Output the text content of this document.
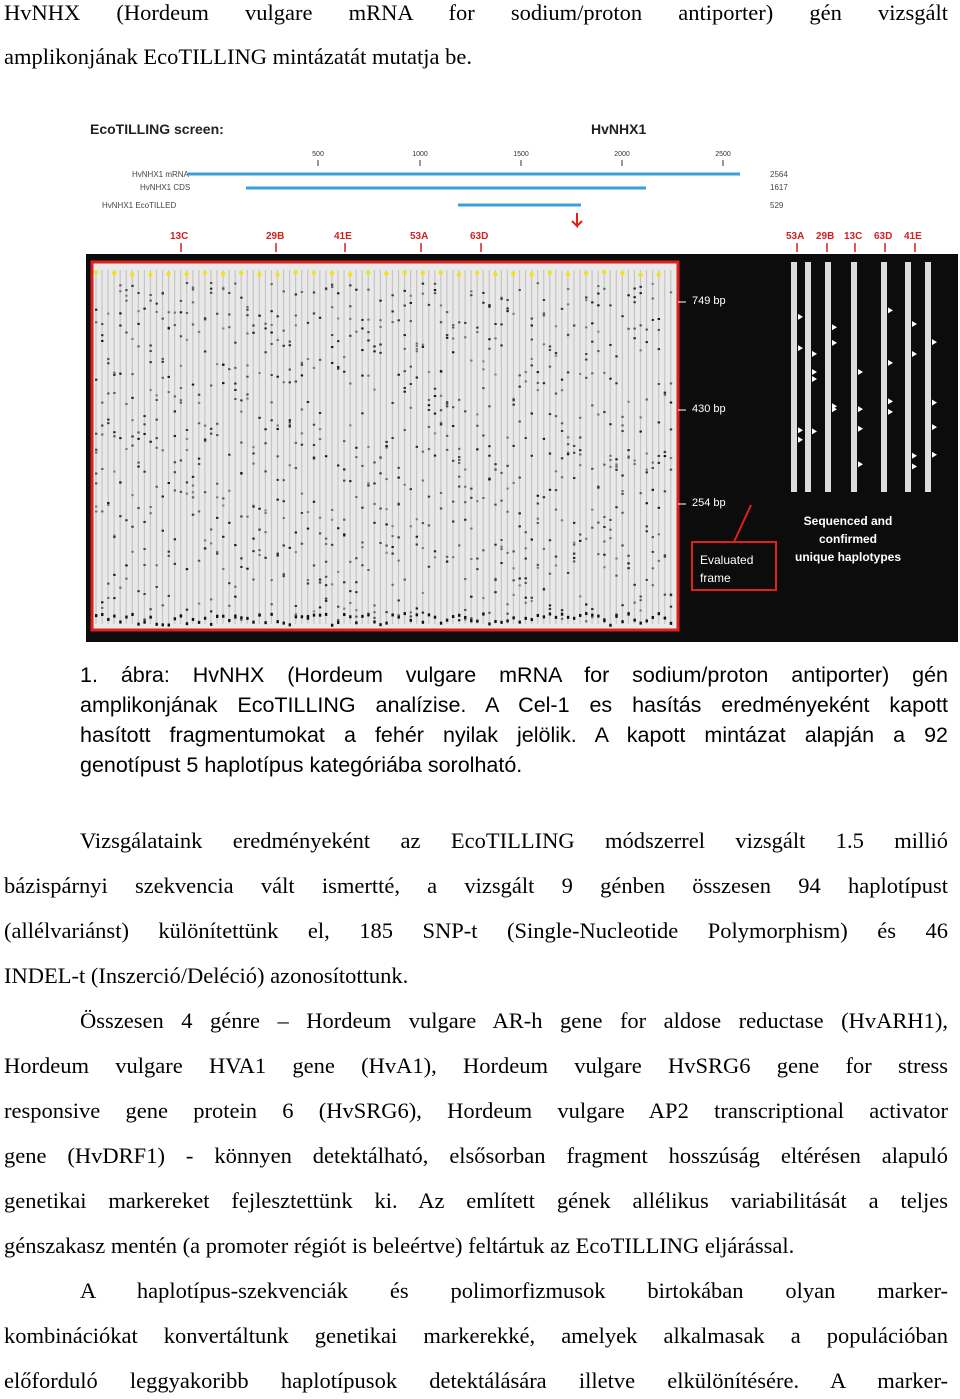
HvNHX (Hordeum vulgare mRNA for sodium/proton antiporter) gén vizsgált
amplikonjának EcoTILLING mintázatát mutatja be.
EcoTILLING screen:	HvNHX1
500	1000	1500	2000	2500
HvNHX1 mRNA
HvNHX1 CDS
HvNHX1 EcoTILLED
2564
1617
529
13C	29B	41E	53A	63D	53A 29B 13C 63D 41E
749 bp
430 bp
254 bp
Evaluated
frame
Sequenced and
confirmed
unique haplotypes
1. ábra: HvNHX (Hordeum vulgare mRNA for sodium/proton antiporter) gén
amplikonjának EcoTILLING analízise. A Cel-1 es hasítás eredményeként kapott
hasított fragmentumokat a fehér nyilak jelölik. A kapott mintázat alapján a 92
genotípust 5 haplotípus kategóriába sorolható.
Vizsgálataink eredményeként az EcoTILLING módszerrel vizsgált 1.5 millió
bázispárnyi szekvencia vált ismertté, a vizsgált 9 génben összesen 94 haplotípust
(allélvariánst) különítettünk el, 185 SNP-t (Single-Nucleotide Polymorphism) és 46
INDEL-t (Inszerció/Deléció) azonosítottunk.
Összesen 4 génre – Hordeum vulgare AR-h gene for aldose reductase (HvARH1),
Hordeum vulgare HVA1 gene (HvA1), Hordeum vulgare HvSRG6 gene for stress
responsive gene protein 6 (HvSRG6), Hordeum vulgare AP2 transcriptional activator
gene (HvDRF1) - könnyen detektálható, elsősorban fragment hosszúság eltérésen alapuló
genetikai markereket fejlesztettünk ki. Az említett gének allélikus variabilitását a teljes
génszakasz mentén (a promoter régiót is beleértve) feltártuk az EcoTILLING eljárással.
A haplotípus-szekvenciák és polimorfizmusok birtokában olyan marker-
kombinációkat konvertáltunk genetikai markerekké, amelyek alkalmasak a populációban
előforduló leggyakoribb haplotípusok detektálására illetve elkülönítésére. A marker-
